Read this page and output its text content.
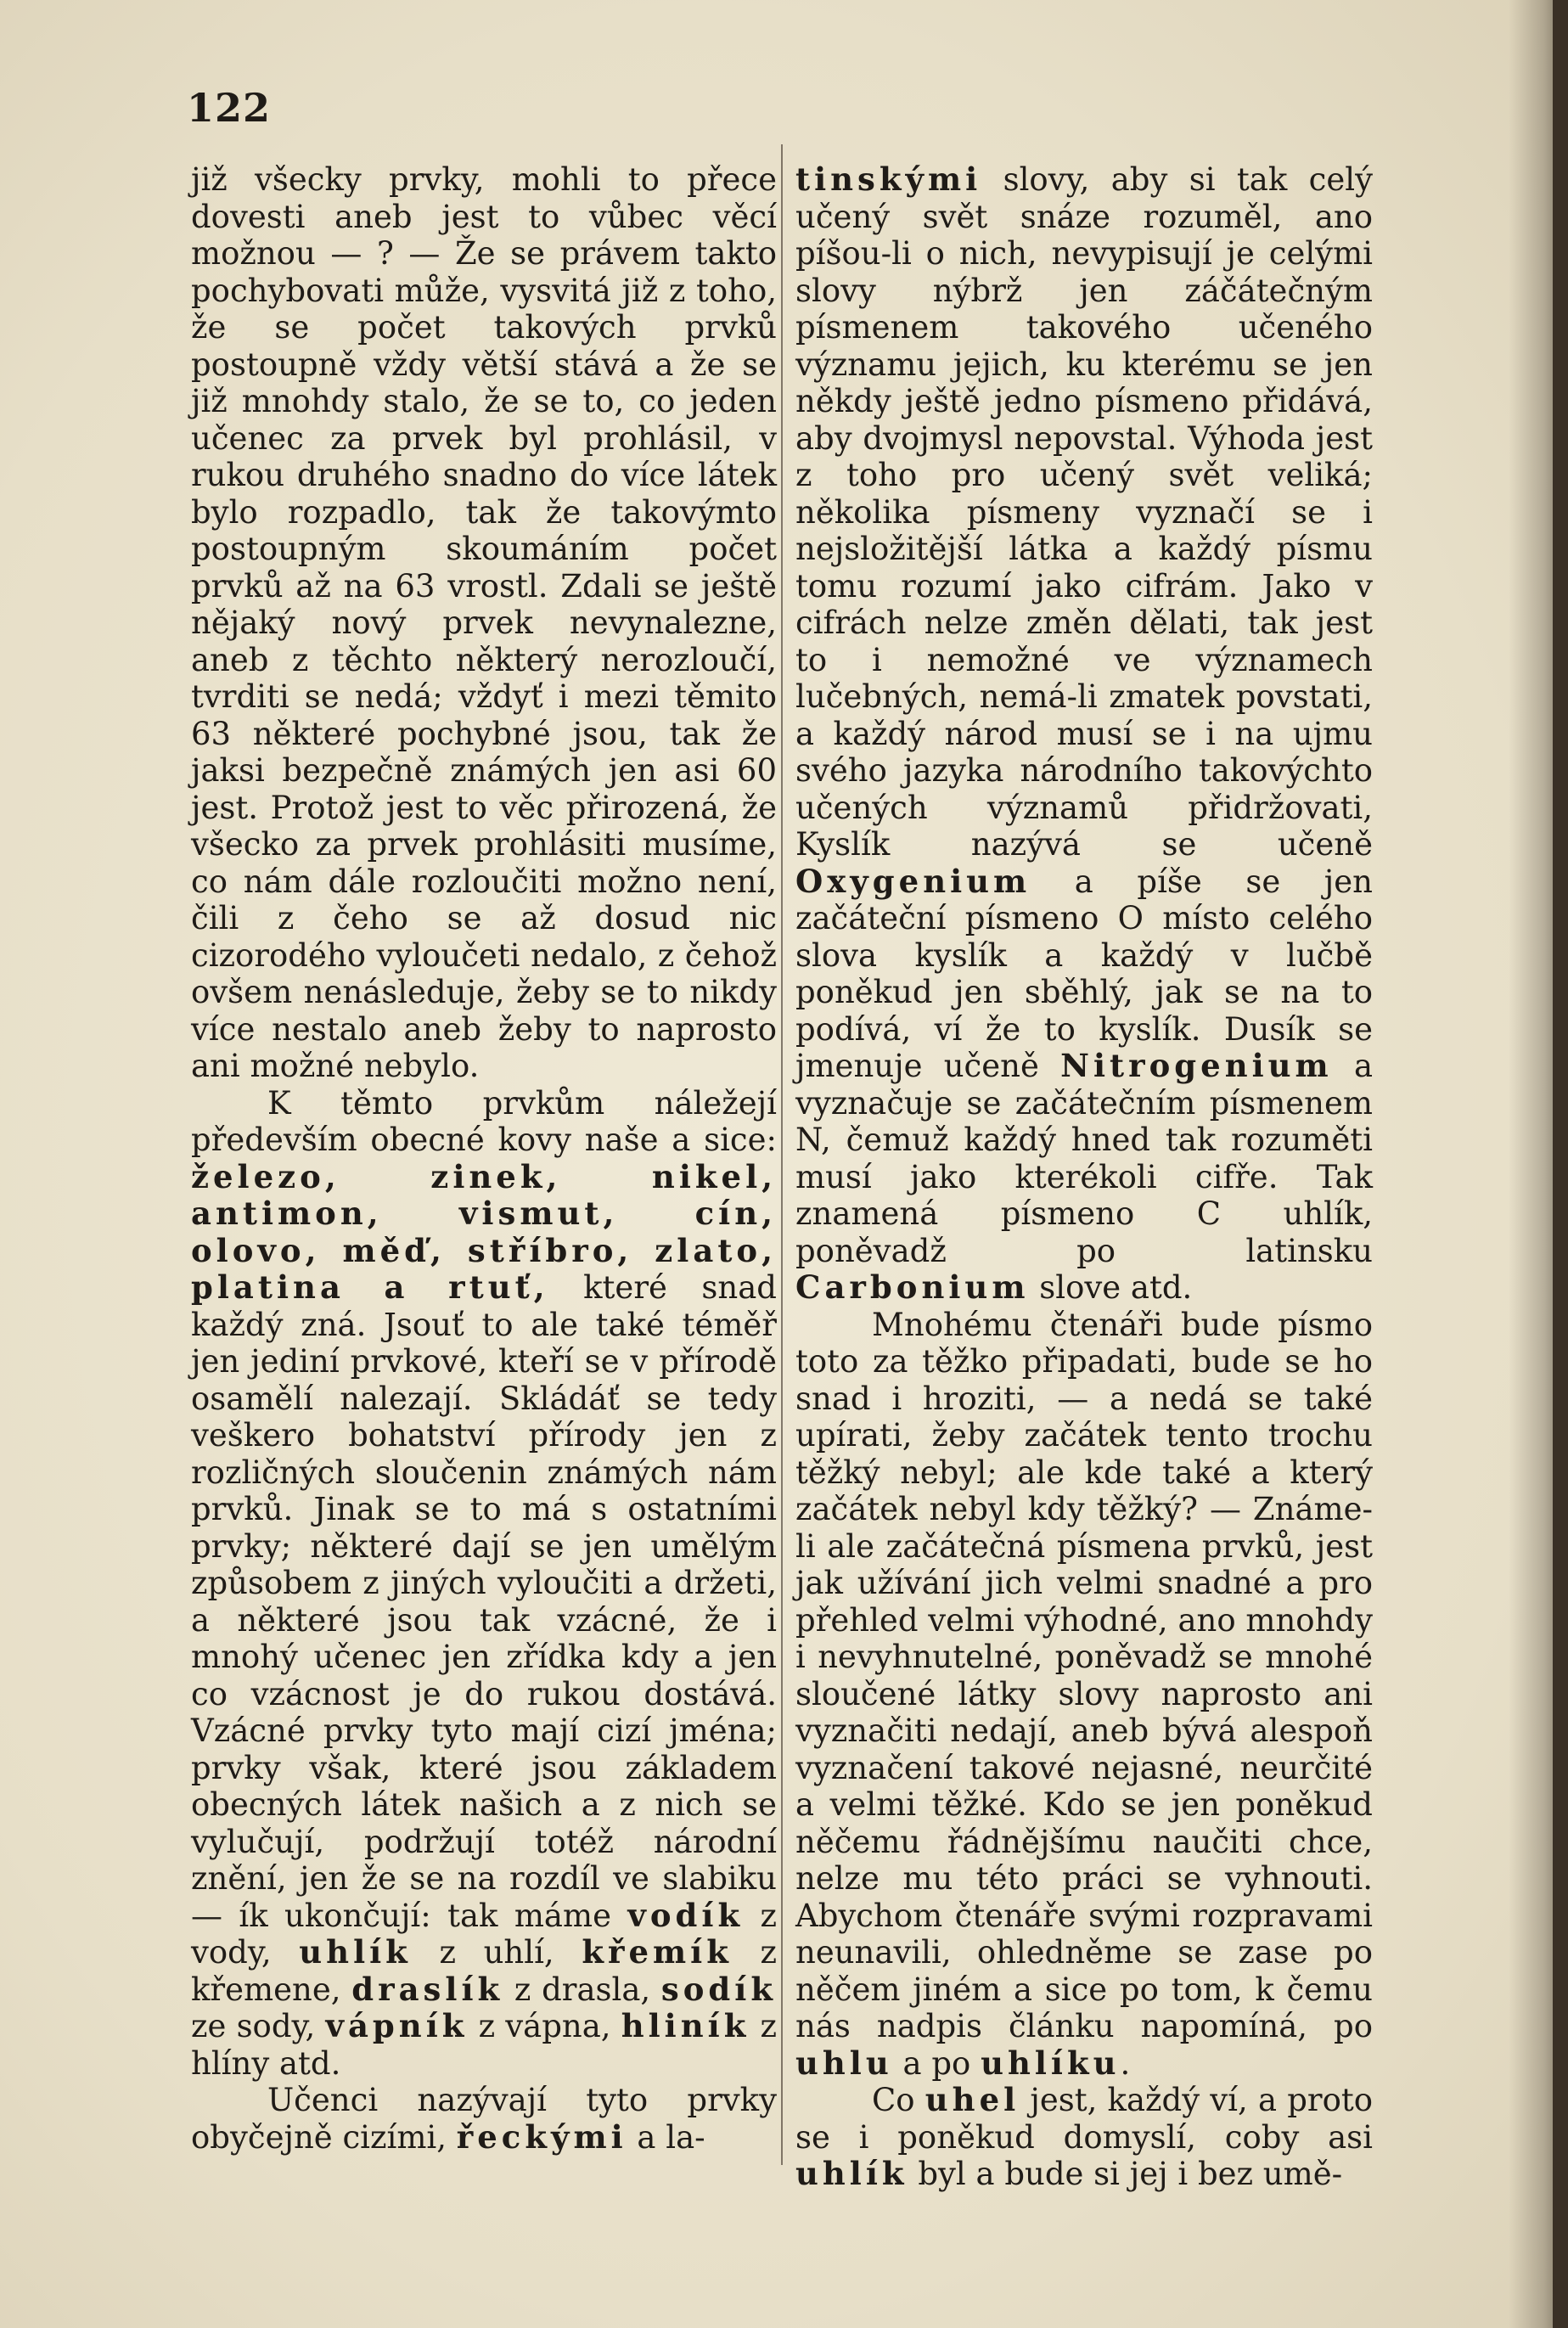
122

již všecky prvky, mohli to přece dovesti aneb jest to vůbec věcí možnou — ? — Že se právem takto pochybovati může, vysvitá již z toho, že se počet takových prvků postoupně vždy větší stává a že se již mnohdy stalo, že se to, co jeden učenec za prvek byl prohlásil, v rukou druhého snadno do více látek bylo rozpadlo, tak že takovýmto postoupným skoumáním počet prvků až na 63 vrostl. Zdali se ještě nějaký nový prvek nevynalezne, aneb z těchto některý nerozloučí, tvrditi se nedá; vždyť i mezi těmito 63 některé pochybné jsou, tak že jaksi bezpečně známých jen asi 60 jest. Protož jest to věc přirozená, že všecko za prvek prohlásiti musíme, co nám dále rozloučiti možno není, čili z čeho se až dosud nic cizorodého vyloučeti nedalo, z čehož ovšem nenásleduje, žeby se to nikdy více nestalo aneb žeby to naprosto ani možné nebylo.

K těmto prvkům náležejí především obecné kovy naše a sice: železo, zinek, nikel, antimon, vismut, cín, olovo, měď, stříbro, zlato, platina a rtuť, které snad každý zná. Jsouť to ale také téměř jen jediní prvkové, kteří se v přírodě osamělí nalezají. Skládáť se tedy veškero bohatství přírody jen z rozličných sloučenin známých nám prvků. Jinak se to má s ostatními prvky; některé dají se jen umělým způsobem z jiných vyloučiti a držeti, a některé jsou tak vzácné, že i mnohý učenec jen zřídka kdy a jen co vzácnost je do rukou dostává. Vzácné prvky tyto mají cizí jména; prvky však, které jsou základem obecných látek našich a z nich se vylučují, podržují totéž národní znění, jen že se na rozdíl ve slabiku — ík ukončují: tak máme vodík z vody, uhlík z uhlí, křemík z křemene, draslík z drasla, sodík ze sody, vápník z vápna, hliník z hlíny atd.

Učenci nazývají tyto prvky obyčejně cizími, řeckými a la-

tinskými slovy, aby si tak celý učený svět snáze rozuměl, ano píšou-li o nich, nevypisují je celými slovy nýbrž jen záčátečným písmenem takového učeného významu jejich, ku kterému se jen někdy ještě jedno písmeno přidává, aby dvojmysl nepovstal. Výhoda jest z toho pro učený svět veliká; několika písmeny vyznačí se i nejsložitější látka a každý písmu tomu rozumí jako cifrám. Jako v cifrách nelze změn dělati, tak jest to i nemožné ve významech lučebných, nemá-li zmatek povstati, a každý národ musí se i na ujmu svého jazyka národního takovýchto učených významů přidržovati, Kyslík nazývá se učeně Oxygenium a píše se jen začáteční písmeno O místo celého slova kyslík a každý v lučbě poněkud jen sběhlý, jak se na to podívá, ví že to kyslík. Dusík se jmenuje učeně Nitrogenium a vyznačuje se začátečním písmenem N, čemuž každý hned tak rozuměti musí jako kterékoli cifře. Tak znamená písmeno C uhlík, poněvadž po latinsku Carbonium slove atd.

Mnohému čtenáři bude písmo toto za těžko připadati, bude se ho snad i hroziti, — a nedá se také upírati, žeby začátek tento trochu těžký nebyl; ale kde také a který začátek nebyl kdy těžký? — Známe-li ale začátečná písmena prvků, jest jak užívání jich velmi snadné a pro přehled velmi výhodné, ano mnohdy i nevyhnutelné, poněvadž se mnohé sloučené látky slovy naprosto ani vyznačiti nedají, aneb bývá alespoň vyznačení takové nejasné, neurčité a velmi těžké. Kdo se jen poněkud něčemu řádnějšímu naučiti chce, nelze mu této práci se vyhnouti. Abychom čtenáře svými rozpravami neunavili, ohledněme se zase po něčem jiném a sice po tom, k čemu nás nadpis článku napomíná, po uhlu a po uhlíku.

Co uhel jest, každý ví, a proto se i poněkud domyslí, coby asi uhlík byl a bude si jej i bez umě-
